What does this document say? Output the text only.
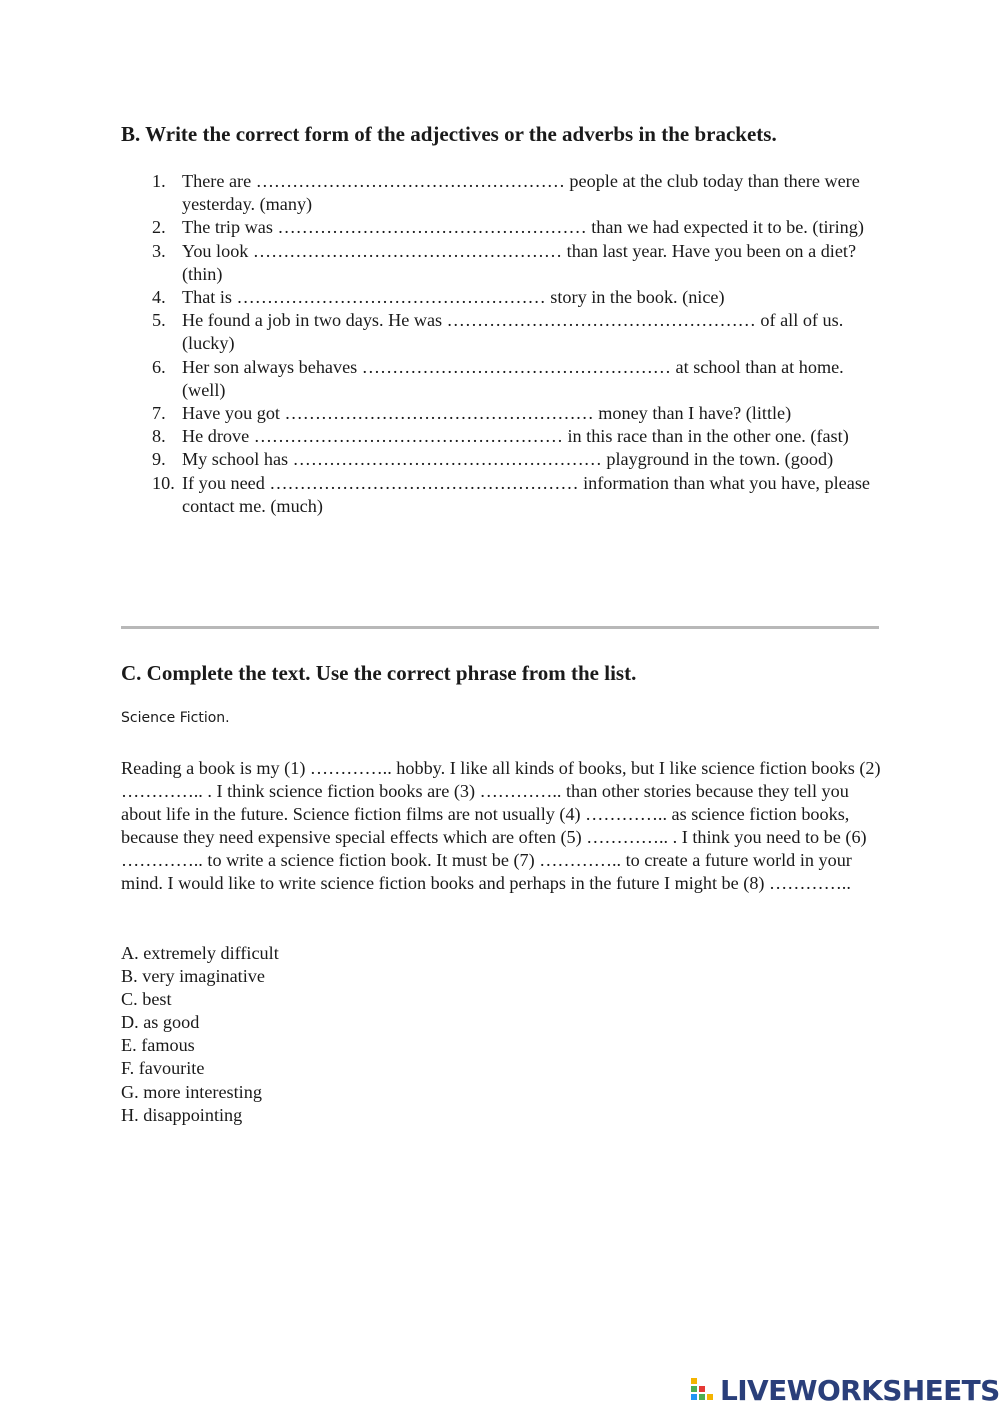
B. Write the correct form of the adjectives or the adverbs in the brackets.
1. There are …………………………………………… people at the club today than there were yesterday. (many)
2. The trip was …………………………………………… than we had expected it to be. (tiring)
3. You look …………………………………………… than last year. Have you been on a diet? (thin)
4. That is …………………………………………… story in the book. (nice)
5. He found a job in two days. He was …………………………………………… of all of us. (lucky)
6. Her son always behaves …………………………………………… at school than at home. (well)
7. Have you got …………………………………………… money than I have? (little)
8. He drove …………………………………………… in this race than in the other one. (fast)
9. My school has …………………………………………… playground in the town. (good)
10. If you need …………………………………………… information than what you have, please contact me. (much)
C. Complete the text. Use the correct phrase from the list.
Science Fiction.

Reading a book is my (1) ………….. hobby. I like all kinds of books, but I like science fiction books (2) ………….. . I think science fiction books are (3) ………….. than other stories because they tell you about life in the future. Science fiction films are not usually (4) ………….. as science fiction books, because they need expensive special effects which are often (5) ………….. . I think you need to be (6) ………….. to write a science fiction book. It must be (7) ………….. to create a future world in your mind. I would like to write science fiction books and perhaps in the future I might be (8) …………..

A. extremely difficult
B. very imaginative
C. best
D. as good
E. famous
F. favourite
G. more interesting
H. disappointing
LIVEWORKSHEETS
